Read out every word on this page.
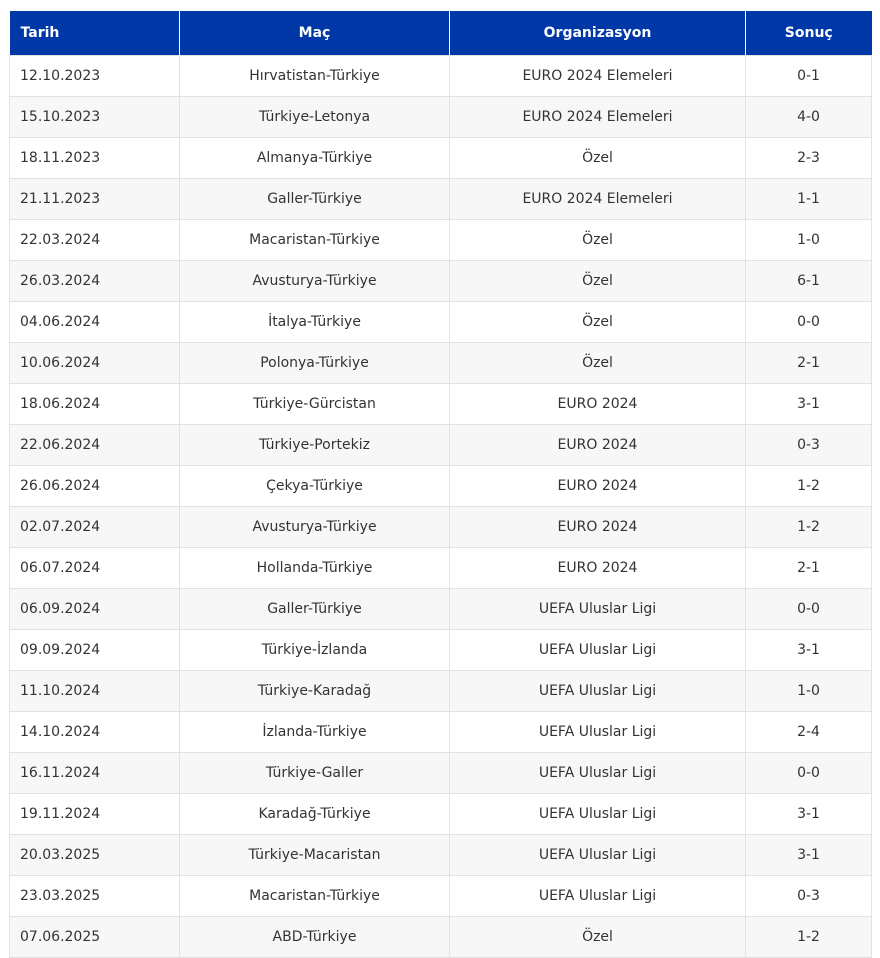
Tarih	Maç	Organizasyon	Sonuç
12.10.2023	Hırvatistan-Türkiye	EURO 2024 Elemeleri	0-1
15.10.2023	Türkiye-Letonya	EURO 2024 Elemeleri	4-0
18.11.2023	Almanya-Türkiye	Özel	2-3
21.11.2023	Galler-Türkiye	EURO 2024 Elemeleri	1-1
22.03.2024	Macaristan-Türkiye	Özel	1-0
26.03.2024	Avusturya-Türkiye	Özel	6-1
04.06.2024	İtalya-Türkiye	Özel	0-0
10.06.2024	Polonya-Türkiye	Özel	2-1
18.06.2024	Türkiye-Gürcistan	EURO 2024	3-1
22.06.2024	Türkiye-Portekiz	EURO 2024	0-3
26.06.2024	Çekya-Türkiye	EURO 2024	1-2
02.07.2024	Avusturya-Türkiye	EURO 2024	1-2
06.07.2024	Hollanda-Türkiye	EURO 2024	2-1
06.09.2024	Galler-Türkiye	UEFA Uluslar Ligi	0-0
09.09.2024	Türkiye-İzlanda	UEFA Uluslar Ligi	3-1
11.10.2024	Türkiye-Karadağ	UEFA Uluslar Ligi	1-0
14.10.2024	İzlanda-Türkiye	UEFA Uluslar Ligi	2-4
16.11.2024	Türkiye-Galler	UEFA Uluslar Ligi	0-0
19.11.2024	Karadağ-Türkiye	UEFA Uluslar Ligi	3-1
20.03.2025	Türkiye-Macaristan	UEFA Uluslar Ligi	3-1
23.03.2025	Macaristan-Türkiye	UEFA Uluslar Ligi	0-3
07.06.2025	ABD-Türkiye	Özel	1-2
